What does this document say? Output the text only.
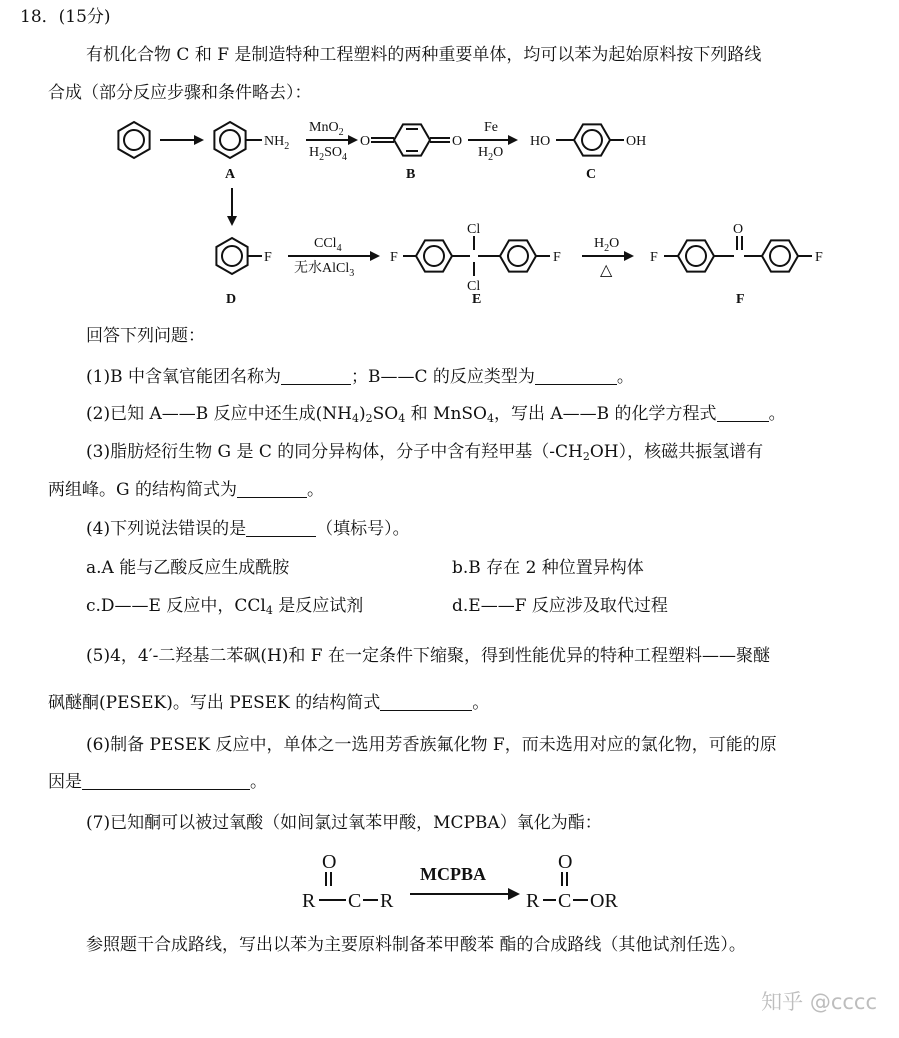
18．(15分)
有机化合物 C 和 F 是制造特种工程塑料的两种重要单体，均可以苯为起始原料按下列路线
合成（部分反应步骤和条件略去）：
$NH_2$
MnO$_2$
$H_2SO_4$
O	O
Fe
$H_2O$
HO	OH
F
CCl$_4$
无水AlCl$_3$
F
Cl
Cl
F
$H_2O$
△
F
O
F
A	B	C
D	E	F
回答下列问题：
(1)B 中含氧官能团名称为	；B——C 的反应类型为	。
(2)已知 A——B 反应中还生成$(NH_4)_2SO_4$ 和 MnSO$_4$，写出 A——B 的化学方程式	。
(3)脂肪烃衍生物 G 是 C 的同分异构体，分子中含有羟甲基$(-CH_2OH)$，核磁共振氢谱有
两组峰。G 的结构简式为	。
(4)下列说法错误的是	（填标号）。
a.A 能与乙酸反应生成酰胺	b.B 存在 2 种位置异构体
c.D——E 反应中，CCl$_4$ 是反应试剂	d.E——F 反应涉及取代过程
(5)4，4′-二羟基二苯砜(H)和 F 在一定条件下缩聚，得到性能优异的特种工程塑料——聚醚
砜醚酮(PESEK)。写出 PESEK 的结构简式	。
(6)制备 PESEK 反应中，单体之一选用芳香族氟化物 F，而未选用对应的氯化物，可能的原
因是	。
(7)已知酮可以被过氧酸（如间氯过氧苯甲酸，MCPBA）氧化为酯：
O
R C R
MCPBA
O
R C OR
参照题干合成路线，写出以苯为主要原料制备苯甲酸苯 酯的合成路线（其他试剂任选）。
知乎 @cccc
